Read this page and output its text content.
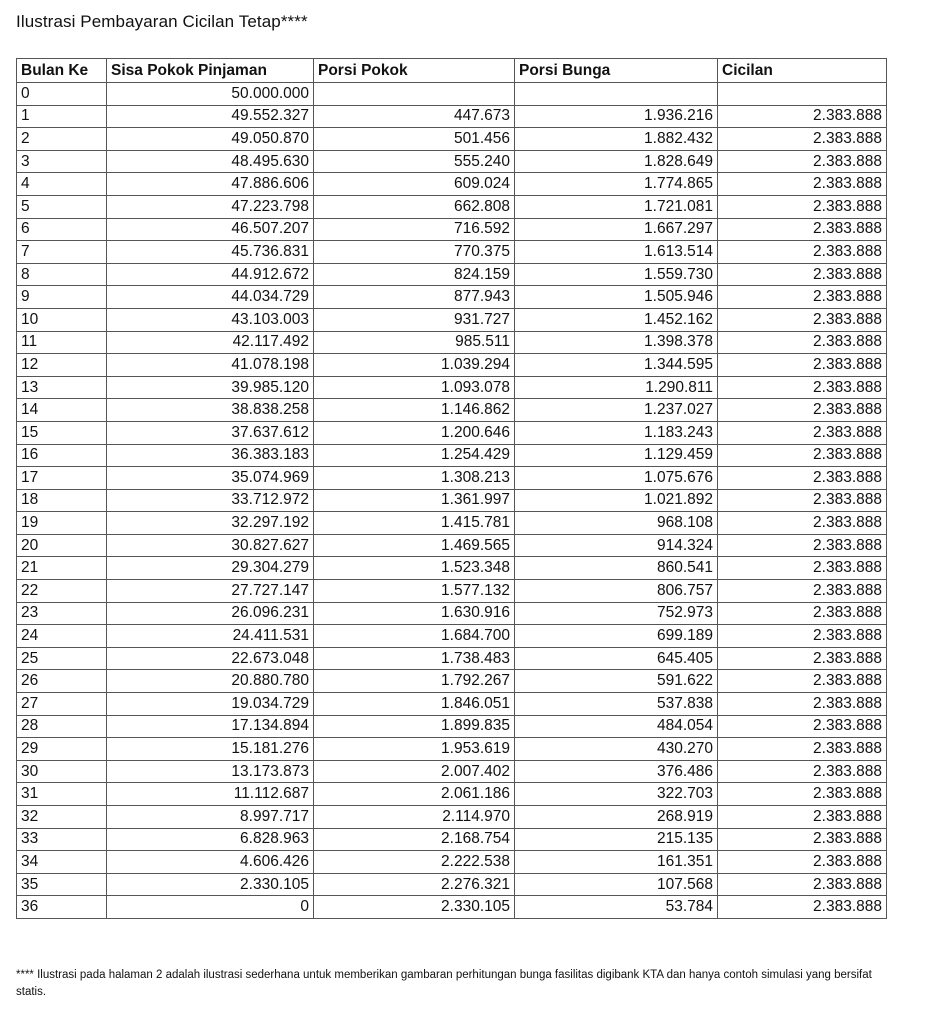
Ilustrasi Pembayaran Cicilan Tetap****
Bulan Ke	Sisa Pokok Pinjaman	Porsi Pokok	Porsi Bunga	Cicilan
0	50.000.000			
1	49.552.327	447.673	1.936.216	2.383.888
2	49.050.870	501.456	1.882.432	2.383.888
3	48.495.630	555.240	1.828.649	2.383.888
4	47.886.606	609.024	1.774.865	2.383.888
5	47.223.798	662.808	1.721.081	2.383.888
6	46.507.207	716.592	1.667.297	2.383.888
7	45.736.831	770.375	1.613.514	2.383.888
8	44.912.672	824.159	1.559.730	2.383.888
9	44.034.729	877.943	1.505.946	2.383.888
10	43.103.003	931.727	1.452.162	2.383.888
11	42.117.492	985.511	1.398.378	2.383.888
12	41.078.198	1.039.294	1.344.595	2.383.888
13	39.985.120	1.093.078	1.290.811	2.383.888
14	38.838.258	1.146.862	1.237.027	2.383.888
15	37.637.612	1.200.646	1.183.243	2.383.888
16	36.383.183	1.254.429	1.129.459	2.383.888
17	35.074.969	1.308.213	1.075.676	2.383.888
18	33.712.972	1.361.997	1.021.892	2.383.888
19	32.297.192	1.415.781	968.108	2.383.888
20	30.827.627	1.469.565	914.324	2.383.888
21	29.304.279	1.523.348	860.541	2.383.888
22	27.727.147	1.577.132	806.757	2.383.888
23	26.096.231	1.630.916	752.973	2.383.888
24	24.411.531	1.684.700	699.189	2.383.888
25	22.673.048	1.738.483	645.405	2.383.888
26	20.880.780	1.792.267	591.622	2.383.888
27	19.034.729	1.846.051	537.838	2.383.888
28	17.134.894	1.899.835	484.054	2.383.888
29	15.181.276	1.953.619	430.270	2.383.888
30	13.173.873	2.007.402	376.486	2.383.888
31	11.112.687	2.061.186	322.703	2.383.888
32	8.997.717	2.114.970	268.919	2.383.888
33	6.828.963	2.168.754	215.135	2.383.888
34	4.606.426	2.222.538	161.351	2.383.888
35	2.330.105	2.276.321	107.568	2.383.888
36	0	2.330.105	53.784	2.383.888
**** Ilustrasi pada halaman 2 adalah ilustrasi sederhana untuk memberikan gambaran perhitungan bunga fasilitas digibank KTA dan hanya contoh simulasi yang bersifat statis.
